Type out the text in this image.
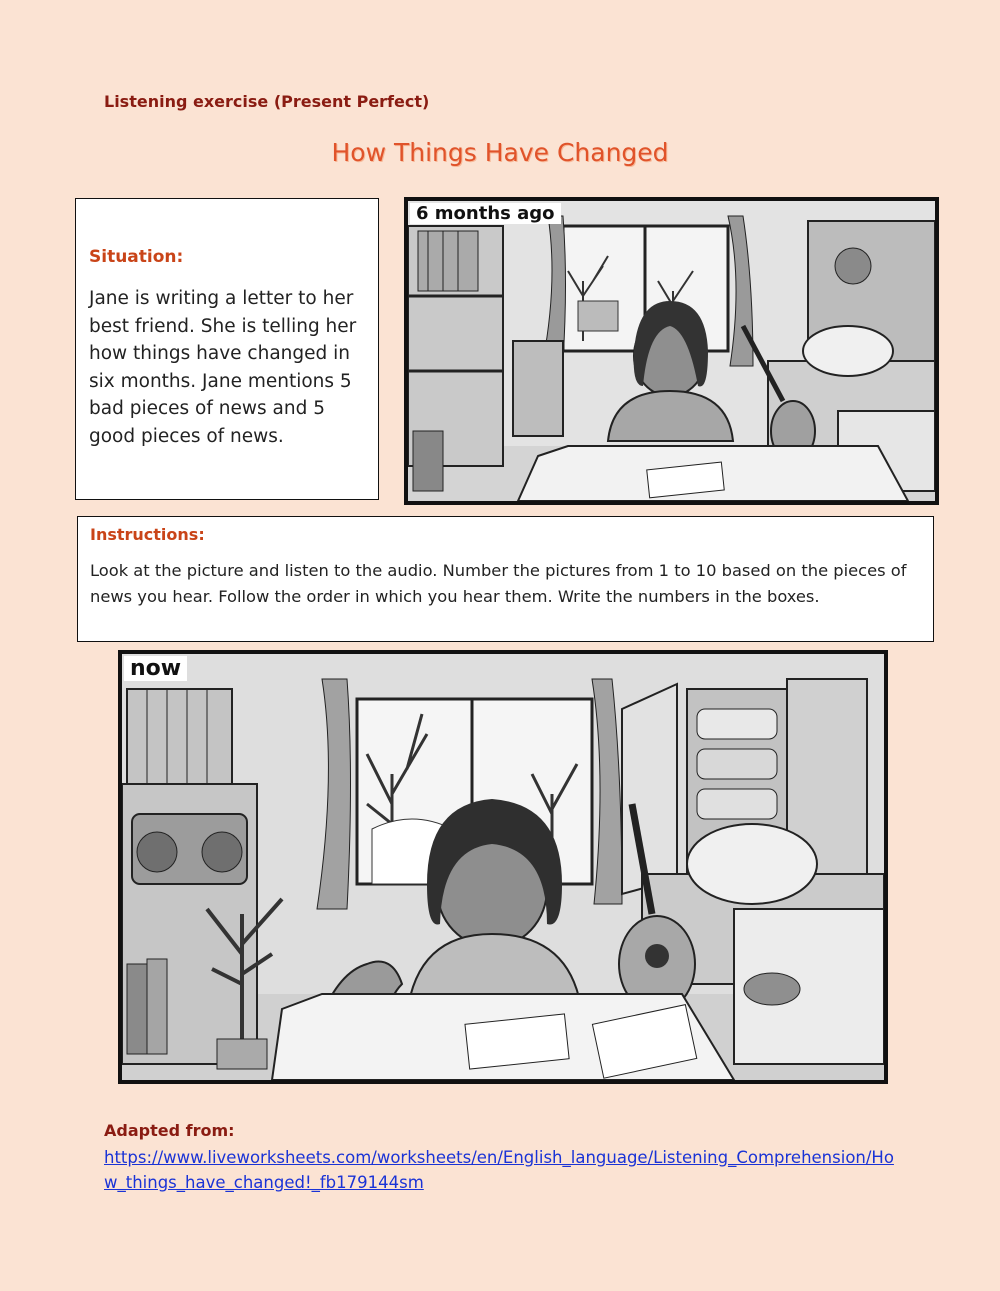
Listening exercise (Present Perfect)
How Things Have Changed
Situation:
Jane is writing a letter to her best friend. She is telling her how things have changed in six months. Jane mentions 5 bad pieces of news and 5 good pieces of news.
6 months ago
Instructions:
Look at the picture and listen to the audio. Number the pictures from 1 to 10 based on the pieces of news you hear. Follow the order in which you hear them. Write the numbers in the boxes.
now
Adapted from:
https://www.liveworksheets.com/worksheets/en/English_language/Listening_Comprehension/How_things_have_changed!_fb179144sm
